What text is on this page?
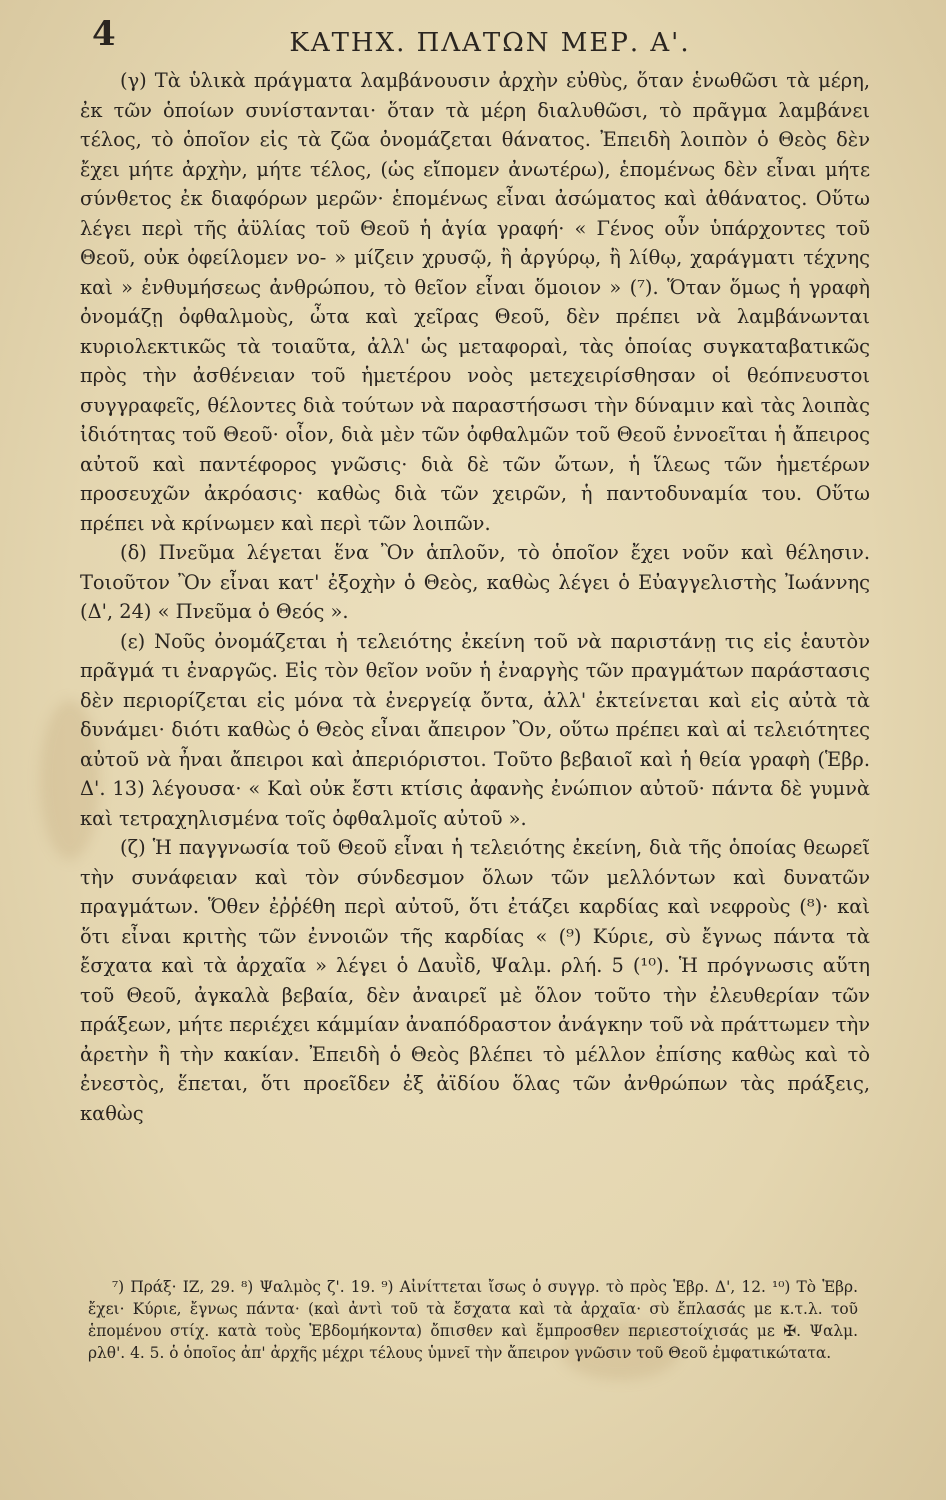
4	ΚΑΤΗΧ. ΠΛΑΤΩΝ ΜΕΡ. Α'.

(γ) Τὰ ὑλικὰ πράγματα λαμβάνουσιν ἀρχὴν εὐθὺς, ὅταν ἑνωθῶσι τὰ μέρη, ἐκ τῶν ὁποίων συνίστανται· ὅταν τὰ μέρη διαλυθῶσι, τὸ πρᾶγμα λαμβάνει τέλος, τὸ ὁποῖον εἰς τὰ ζῶα ὀνομάζεται θάνατος. Ἐπειδὴ λοιπὸν ὁ Θεὸς δὲν ἔχει μήτε ἀρχὴν, μήτε τέλος, (ὡς εἴπομεν ἀνωτέρω), ἑπομένως δὲν εἶναι μήτε σύνθετος ἐκ διαφόρων μερῶν· ἑπομένως εἶναι ἀσώματος καὶ ἀθάνατος. Οὕτω λέγει περὶ τῆς ἀϋλίας τοῦ Θεοῦ ἡ ἁγία γραφή· « Γένος οὖν ὑπάρχοντες τοῦ Θεοῦ, οὐκ ὀφείλομεν νο- » μίζειν χρυσῷ, ἢ ἀργύρῳ, ἢ λίθῳ, χαράγματι τέχνης καὶ » ἐνθυμήσεως ἀνθρώπου, τὸ θεῖον εἶναι ὅμοιον » (⁷). Ὅταν ὅμως ἡ γραφὴ ὀνομάζῃ ὀφθαλμοὺς, ὦτα καὶ χεῖρας Θεοῦ, δὲν πρέπει νὰ λαμβάνωνται κυριολεκτικῶς τὰ τοιαῦτα, ἀλλ' ὡς μεταφοραὶ, τὰς ὁποίας συγκαταβατικῶς πρὸς τὴν ἀσθένειαν τοῦ ἡμετέρου νοὸς μετεχειρίσθησαν οἱ θεόπνευστοι συγγραφεῖς, θέλοντες διὰ τούτων νὰ παραστήσωσι τὴν δύναμιν καὶ τὰς λοιπὰς ἰδιότητας τοῦ Θεοῦ· οἷον, διὰ μὲν τῶν ὀφθαλμῶν τοῦ Θεοῦ ἐννοεῖται ἡ ἄπειρος αὐτοῦ καὶ παντέφορος γνῶσις· διὰ δὲ τῶν ὤτων, ἡ ἵλεως τῶν ἡμετέρων προσευχῶν ἀκρόασις· καθὼς διὰ τῶν χειρῶν, ἡ παντοδυναμία του. Οὕτω πρέπει νὰ κρίνωμεν καὶ περὶ τῶν λοιπῶν.

(δ) Πνεῦμα λέγεται ἕνα Ὂν ἁπλοῦν, τὸ ὁποῖον ἔχει νοῦν καὶ θέλησιν. Τοιοῦτον Ὂν εἶναι κατ' ἐξοχὴν ὁ Θεὸς, καθὼς λέγει ὁ Εὐαγγελιστὴς Ἰωάννης (Δ', 24) « Πνεῦμα ὁ Θεός ».

(ε) Νοῦς ὀνομάζεται ἡ τελειότης ἐκείνη τοῦ νὰ παριστάνῃ τις εἰς ἑαυτὸν πρᾶγμά τι ἐναργῶς. Εἰς τὸν θεῖον νοῦν ἡ ἐναργὴς τῶν πραγμάτων παράστασις δὲν περιορίζεται εἰς μόνα τὰ ἐνεργείᾳ ὄντα, ἀλλ' ἐκτείνεται καὶ εἰς αὐτὰ τὰ δυνάμει· διότι καθὼς ὁ Θεὸς εἶναι ἄπειρον Ὂν, οὕτω πρέπει καὶ αἱ τελειότητες αὐτοῦ νὰ ἦναι ἄπειροι καὶ ἀπεριόριστοι. Τοῦτο βεβαιοῖ καὶ ἡ θεία γραφὴ (Ἑβρ. Δ'. 13) λέγουσα· « Καὶ οὐκ ἔστι κτίσις ἀφανὴς ἐνώπιον αὐτοῦ· πάντα δὲ γυμνὰ καὶ τετραχηλισμένα τοῖς ὀφθαλμοῖς αὐτοῦ ».

(ζ) Ἡ παγγνωσία τοῦ Θεοῦ εἶναι ἡ τελειότης ἐκείνη, διὰ τῆς ὁποίας θεωρεῖ τὴν συνάφειαν καὶ τὸν σύνδεσμον ὅλων τῶν μελλόντων καὶ δυνατῶν πραγμάτων. Ὅθεν ἐῤῥέθη περὶ αὐτοῦ, ὅτι ἐτάζει καρδίας καὶ νεφροὺς (⁸)· καὶ ὅτι εἶναι κριτὴς τῶν ἐννοιῶν τῆς καρδίας « (⁹) Κύριε, σὺ ἔγνως πάντα τὰ ἔσχατα καὶ τὰ ἀρχαῖα » λέγει ὁ Δαυῒδ, Ψαλμ. ρλή. 5 (¹⁰). Ἡ πρόγνωσις αὕτη τοῦ Θεοῦ, ἀγκαλὰ βεβαία, δὲν ἀναιρεῖ μὲ ὅλον τοῦτο τὴν ἐλευθερίαν τῶν πράξεων, μήτε περιέχει κάμμίαν ἀναπόδραστον ἀνάγκην τοῦ νὰ πράττωμεν τὴν ἀρετὴν ἢ τὴν κακίαν. Ἐπειδὴ ὁ Θεὸς βλέπει τὸ μέλλον ἐπίσης καθὼς καὶ τὸ ἐνεστὸς, ἕπεται, ὅτι προεῖδεν ἐξ ἀϊδίου ὅλας τῶν ἀνθρώπων τὰς πράξεις, καθὼς

⁷) Πράξ· ΙΖ, 29. ⁸) Ψαλμὸς ζ'. 19. ⁹) Αἰνίττεται ἴσως ὁ συγγρ. τὸ πρὸς Ἑβρ. Δ', 12. ¹⁰) Τὸ Ἑβρ. ἔχει· Κύριε, ἔγνως πάντα· (καὶ ἀντὶ τοῦ τὰ ἔσχατα καὶ τὰ ἀρχαῖα· σὺ ἔπλασάς με κ.τ.λ. τοῦ ἑπομένου στίχ. κατὰ τοὺς Ἑβδομήκοντα) ὄπισθεν καὶ ἔμπροσθεν περιεστοίχισάς με ✠. Ψαλμ. ρλθ'. 4. 5. ὁ ὁποῖος ἀπ' ἀρχῆς μέχρι τέλους ὑμνεῖ τὴν ἄπειρον γνῶσιν τοῦ Θεοῦ ἐμφατικώτατα.
